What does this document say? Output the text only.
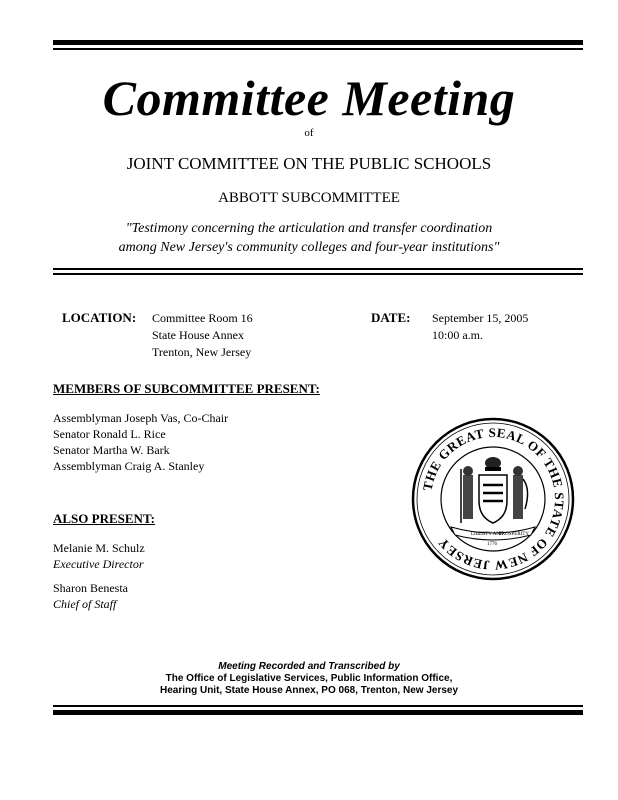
Committee Meeting
of
JOINT COMMITTEE ON THE PUBLIC SCHOOLS
ABBOTT SUBCOMMITTEE
"Testimony concerning the articulation and transfer coordination
among New Jersey's community colleges and four-year institutions"
LOCATION: Committee Room 16
State House Annex
Trenton, New Jersey
DATE: September 15, 2005
10:00 a.m.
MEMBERS OF SUBCOMMITTEE PRESENT:
Assemblyman Joseph Vas, Co-Chair
Senator Ronald L. Rice
Senator Martha W. Bark
Assemblyman Craig A. Stanley
ALSO PRESENT:
Melanie M. Schulz
Executive Director
Sharon Benesta
Chief of Staff
THE GREAT SEAL OF THE STATE OF NEW JERSEY
LIBERTY AND
PROSPERITY
1776
Meeting Recorded and Transcribed by
The Office of Legislative Services, Public Information Office,
Hearing Unit, State House Annex, PO 068, Trenton, New Jersey
